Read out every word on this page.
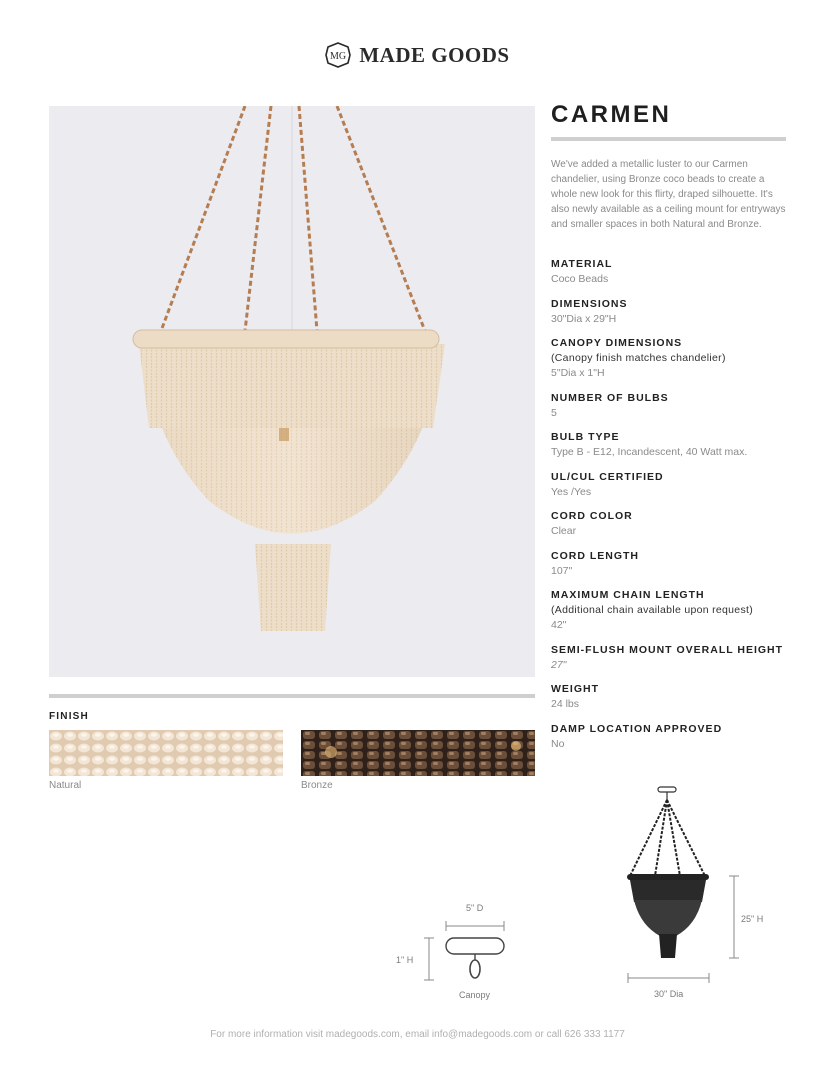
MG MADE GOODS
FINISH
Natural	Bronze
CARMEN
We've added a metallic luster to our Carmen chandelier, using Bronze coco beads to create a whole new look for this flirty, draped silhouette. It's also newly available as a ceiling mount for entryways and smaller spaces in both Natural and Bronze.
MATERIAL
Coco Beads
DIMENSIONS
30"Dia x 29"H
CANOPY DIMENSIONS
(Canopy finish matches chandelier)
5"Dia x 1"H
NUMBER OF BULBS
5
BULB TYPE
Type B - E12, Incandescent, 40 Watt max.
UL/CUL CERTIFIED
Yes /Yes
CORD COLOR
Clear
CORD LENGTH
107"
MAXIMUM CHAIN LENGTH
(Additional chain available upon request)
42"
SEMI-FLUSH MOUNT OVERALL HEIGHT
27"
WEIGHT
24 lbs
DAMP LOCATION APPROVED
No
5" D
1" H
Canopy	30" Dia
25" H
For more information visit madegoods.com, email info@madegoods.com or call 626 333 1177
